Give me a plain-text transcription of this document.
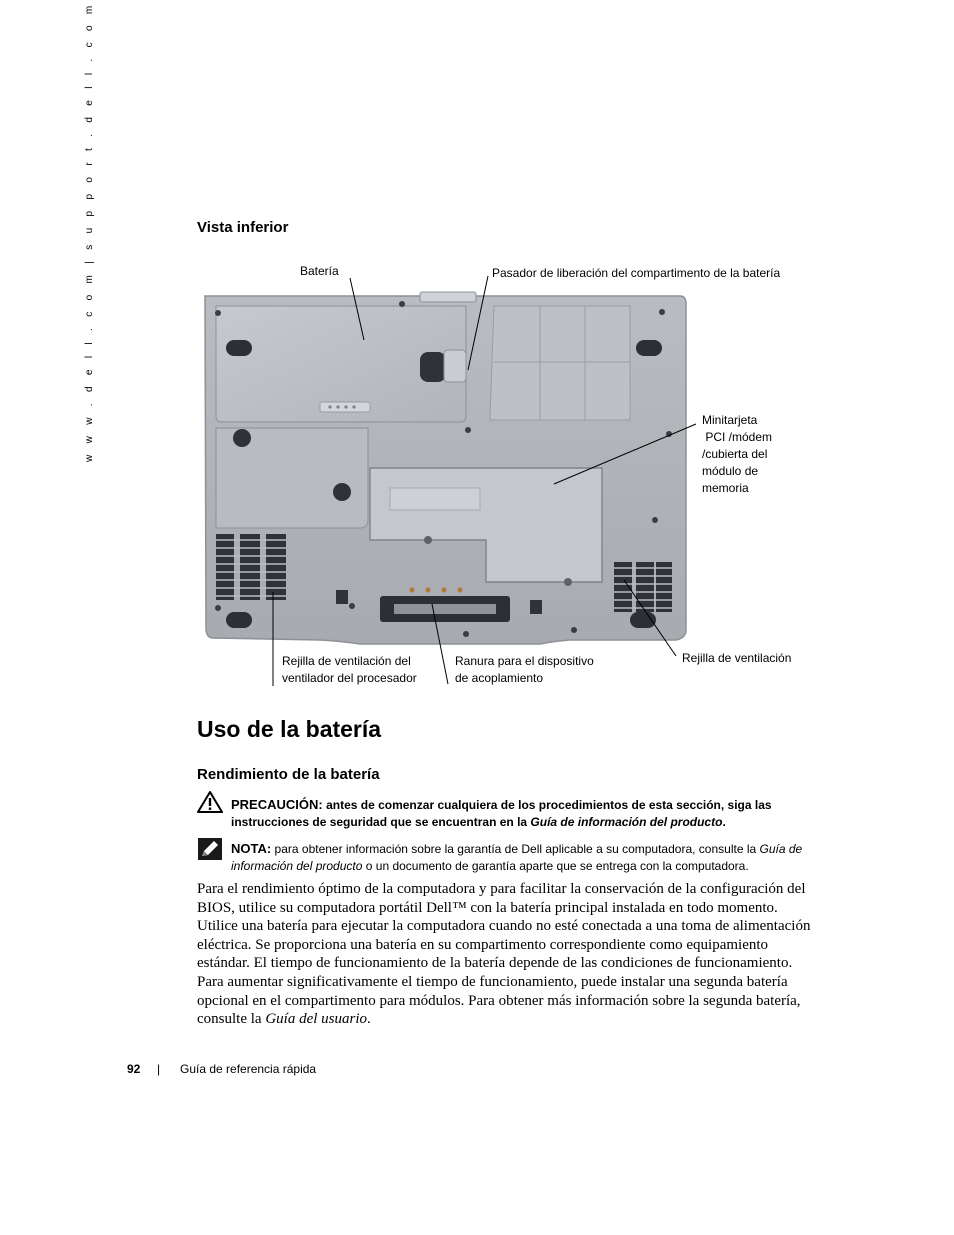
w w w . d e l l . c o m | s u p p o r t . d e l l . c o m	Vista inferior
Batería	Pasador de liberación del compartimento de la batería
Minitarjeta
PCI /módem
/cubierta del
módulo de
memoria
Rejilla de ventilación del
ventilador del procesador
Ranura para el dispositivo
de acoplamiento
Rejilla de ventilación
Uso de la batería
Rendimiento de la batería
PRECAUCIÓN: antes de comenzar cualquiera de los procedimientos de esta sección, siga las instrucciones de seguridad que se encuentran en la Guía de información del producto.
NOTA: para obtener información sobre la garantía de Dell aplicable a su computadora, consulte la Guía de información del producto o un documento de garantía aparte que se entrega con la computadora.
Para el rendimiento óptimo de la computadora y para facilitar la conservación de la configuración del BIOS, utilice su computadora portátil Dell™ con la batería principal instalada en todo momento. Utilice una batería para ejecutar la computadora cuando no esté conectada a una toma de alimentación eléctrica. Se proporciona una batería en su compartimento correspondiente como equipamiento estándar. El tiempo de funcionamiento de la batería depende de las condiciones de funcionamiento. Para aumentar significativamente el tiempo de funcionamiento, puede instalar una segunda batería opcional en el compartimento para módulos. Para obtener más información sobre la segunda batería, consulte la Guía del usuario.
92 | Guía de referencia rápida
